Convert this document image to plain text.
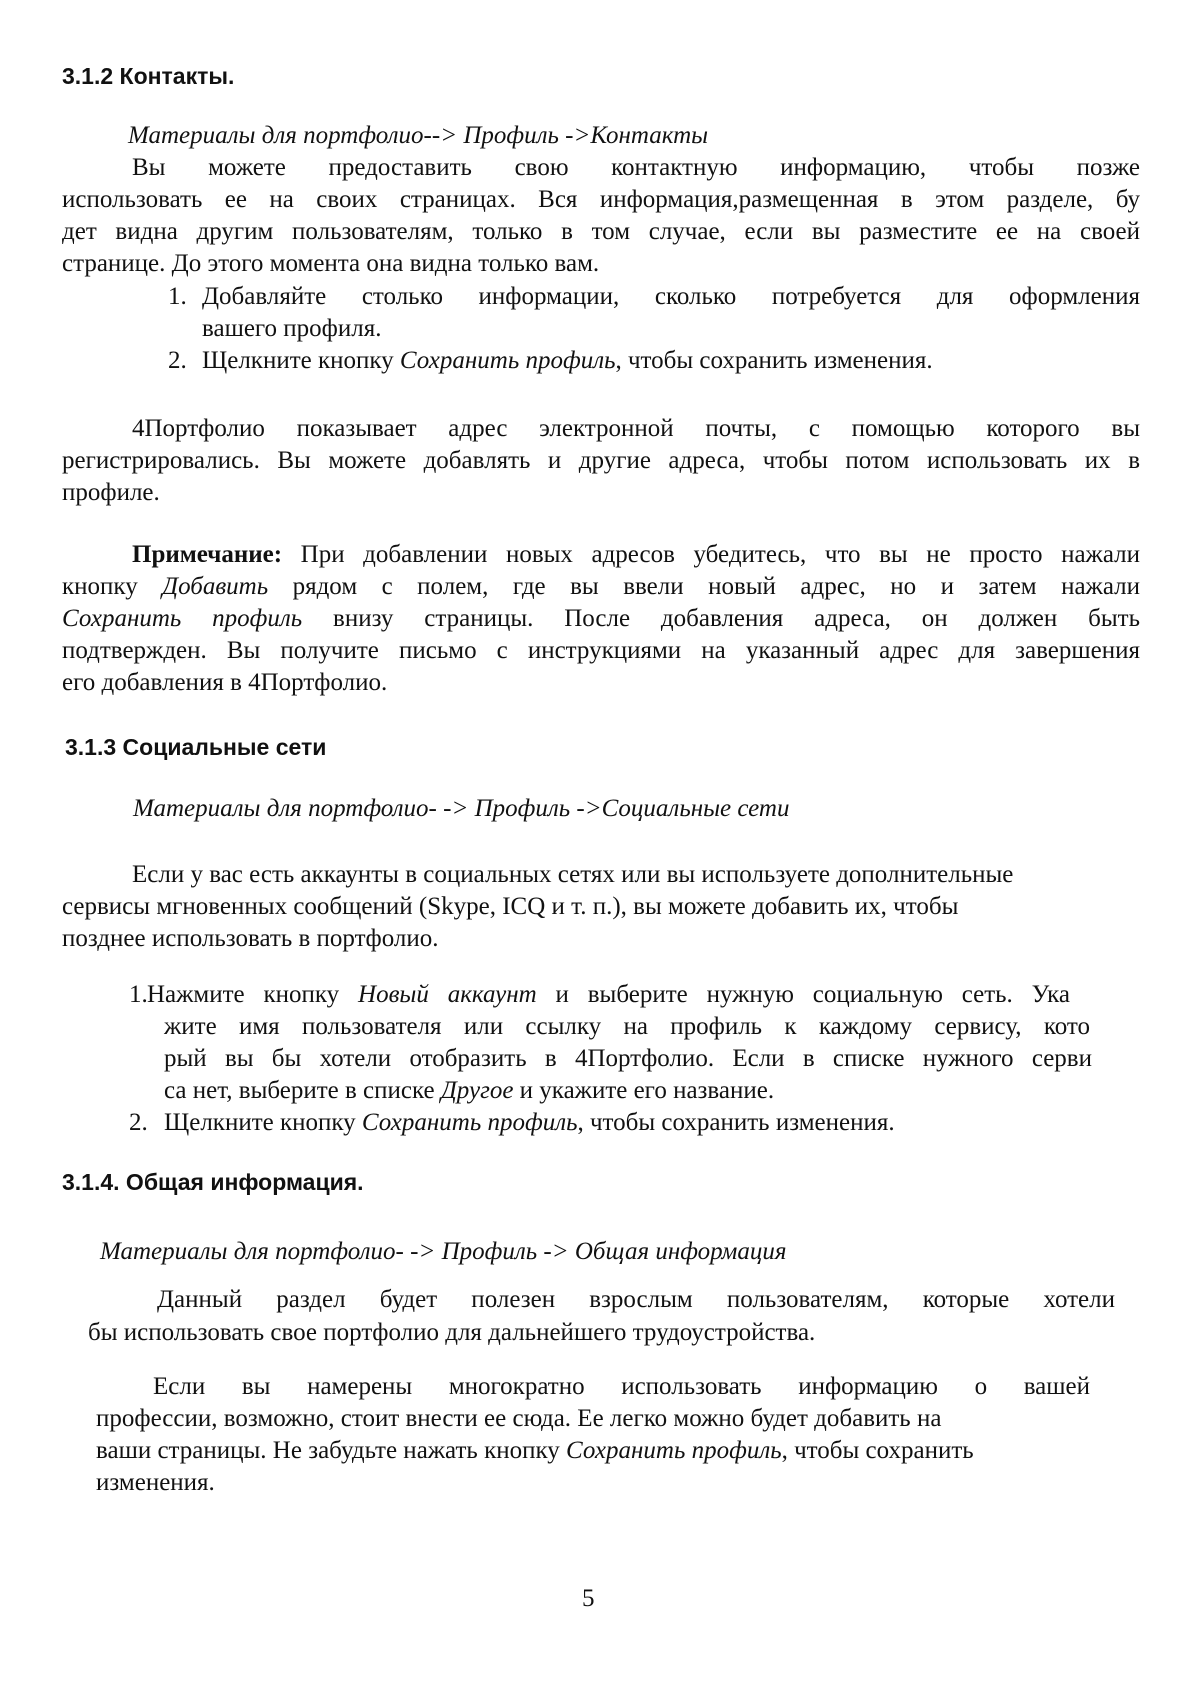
3.1.2 Контакты.
Материалы для портфолио--> Профиль ->Контакты
Вы можете предоставить свою контактную информацию, чтобы позже
использовать ее на своих страницах. Вся информация,размещенная в этом разделе, бу
дет видна другим пользователям, только в том случае, если вы разместите ее на своей
странице. До этого момента она видна только вам.
1. Добавляйте столько информации, сколько потребуется для оформления
вашего профиля.
2. Щелкните кнопку Сохранить профиль, чтобы сохранить изменения.
4Портфолио показывает адрес электронной почты, с помощью которого вы
регистрировались. Вы можете добавлять и другие адреса, чтобы потом использовать их в
профиле.
Примечание: При добавлении новых адресов убедитесь, что вы не просто нажали
кнопку Добавить рядом с полем, где вы ввели новый адрес, но и затем нажали
Сохранить профиль внизу страницы. После добавления адреса, он должен быть
подтвержден. Вы получите письмо с инструкциями на указанный адрес для завершения
его добавления в 4Портфолио.
3.1.3 Социальные сети
Материалы для портфолио- -> Профиль ->Социальные сети
Если у вас есть аккаунты в социальных сетях или вы используете дополнительные
сервисы мгновенных сообщений (Skype, ICQ и т. п.), вы можете добавить их, чтобы
позднее использовать в портфолио.
1. Нажмите кнопку Новый аккаунт и выберите нужную социальную сеть. Ука
жите имя пользователя или ссылку на профиль к каждому сервису, кото
рый вы бы хотели отобразить в 4Портфолио. Если в списке нужного серви
са нет, выберите в списке Другое и укажите его название.
2. Щелкните кнопку Сохранить профиль, чтобы сохранить изменения.
3.1.4. Общая информация.
Материалы для портфолио- -> Профиль -> Общая информация
Данный раздел будет полезен взрослым пользователям, которые хотели
бы использовать свое портфолио для дальнейшего трудоустройства.
Если вы намерены многократно использовать информацию о вашей
профессии, возможно, стоит внести ее сюда. Ее легко можно будет добавить на
ваши страницы. Не забудьте нажать кнопку Сохранить профиль, чтобы сохранить
изменения.
5
